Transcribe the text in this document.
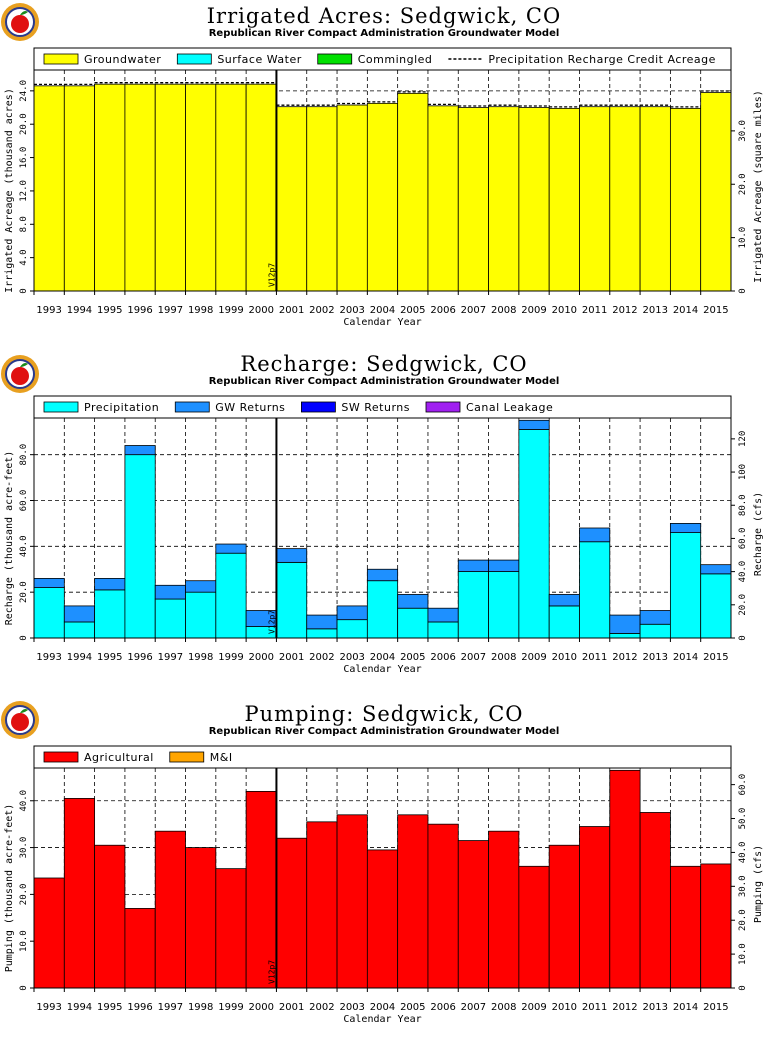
Irrigated Acres: Sedgwick, CO
Republican River Compact Administration Groundwater Model
Groundwater	Surface Water	Commingled	Precipitation Recharge Credit Acreage
V12p7
1993 1994 1995 1996 1997 1998 1999 2000 2001 2002 2003 2004 2005 2006 2007 2008 2009 2010 2011 2012 2013 2014 2015
Calendar Year
0
4.0
8.0
12.0
16.0
20.0
24.0
Irrigated Acreage (thousand acres)	0
10.0
20.0
30.0 Irrigated Acreage (square miles)
Recharge: Sedgwick, CO
Republican River Compact Administration Groundwater Model
Precipitation	GW Returns	SW Returns	Canal Leakage
V12p7
1993 1994 1995 1996 1997 1998 1999 2000 2001 2002 2003 2004 2005 2006 2007 2008 2009 2010 2011 2012 2013 2014 2015
Calendar Year
0
20.0
40.0
60.0
80.0
Recharge (thousand acre-feet)
0
20.0
40.0
60.0
80.0
100
120
Recharge (cfs)
Pumping: Sedgwick, CO
Republican River Compact Administration Groundwater Model
Agricultural	M&I
V12p7
1993 1994 1995 1996 1997 1998 1999 2000 2001 2002 2003 2004 2005 2006 2007 2008 2009 2010 2011 2012 2013 2014 2015
Calendar Year
0
10.0
20.0
30.0
40.0
Pumping (thousand acre-feet)
0
10.0
20.0
30.0
40.0
50.0
60.0
Pumping (cfs)
